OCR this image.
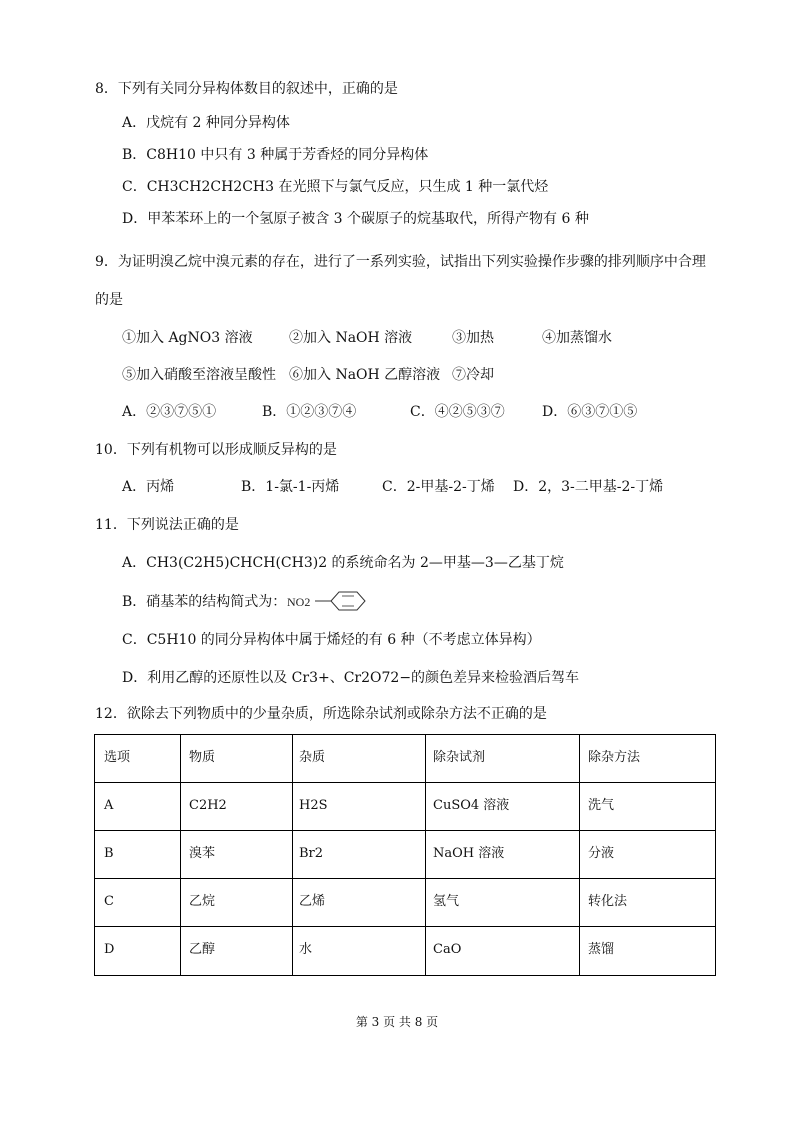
8．下列有关同分异构体数目的叙述中，正确的是
A．戊烷有 2 种同分异构体
B．C8H10 中只有 3 种属于芳香烃的同分异构体
C．CH3CH2CH2CH3 在光照下与氯气反应，只生成 1 种一氯代烃
D．甲苯苯环上的一个氢原子被含 3 个碳原子的烷基取代，所得产物有 6 种
9．为证明溴乙烷中溴元素的存在，进行了一系列实验，试指出下列实验操作步骤的排列顺序中合理
的是
①加入 AgNO3 溶液	②加入 NaOH 溶液	③加热	④加蒸馏水
⑤加入硝酸至溶液呈酸性 ⑥加入 NaOH 乙醇溶液 ⑦冷却
A．②③⑦⑤①	B．①②③⑦④	C．④②⑤③⑦	D．⑥③⑦①⑤
10．下列有机物可以形成顺反异构的是
A．丙烯	B．1-氯-1-丙烯	C．2-甲基-2-丁烯 D．2，3-二甲基-2-丁烯
11．下列说法正确的是
A．CH3(C2H5)CHCH(CH3)2 的系统命名为 2—甲基—3—乙基丁烷
B．硝基苯的结构简式为： NO2
C．C5H10 的同分异构体中属于烯烃的有 6 种（不考虑立体异构）
D．利用乙醇的还原性以及 Cr3+、Cr2O72−的颜色差异来检验酒后驾车
12．欲除去下列物质中的少量杂质，所选除杂试剂或除杂方法不正确的是
选项	物质	杂质	除杂试剂	除杂方法
A	C2H2	H2S	CuSO4 溶液	洗气
B	溴苯	Br2	NaOH 溶液	分液
C	乙烷	乙烯	氢气	转化法
D	乙醇	水	CaO	蒸馏
第 3 页 共 8 页
